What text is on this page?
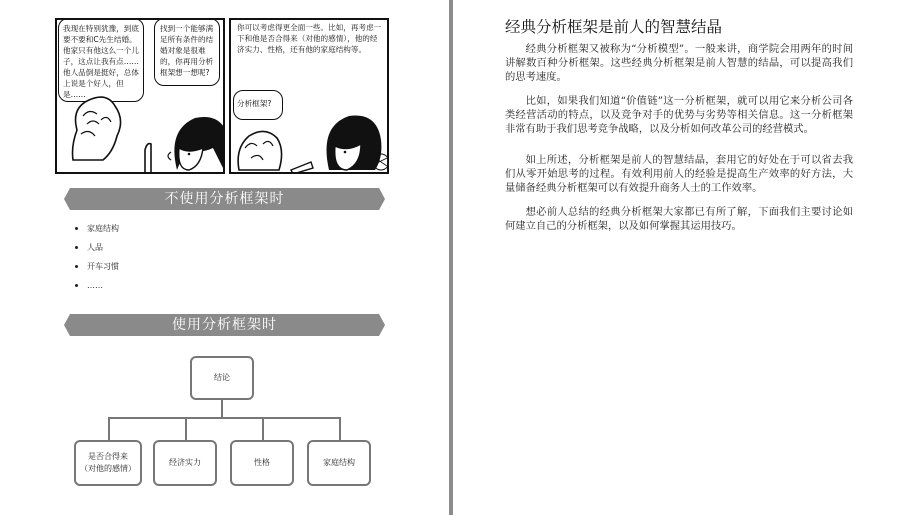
我现在特别犹豫，到底要不要和C先生结婚。他家只有他这么一个儿子，这点让我有点……他人品倒是挺好，总体上说是个好人，但是……
找到一个能够满足所有条件的结婚对象是很难的，你再用分析框架想一想呢?
你可以考虑得更全面一些。比如，再考虑一下和他是否合得来（对他的感情），他的经济实力、性格，还有他的家庭结构等。
分析框架?
不使用分析框架时
家庭结构
人品
开车习惯
……
使用分析框架时
结论
是否合得来
（对他的感情）
经济实力	性格	家庭结构
经典分析框架是前人的智慧结晶

经典分析框架又被称为“分析模型”。一般来讲，商学院会用两年的时间讲解数百种分析框架。这些经典分析框架是前人智慧的结晶，可以提高我们的思考速度。

比如，如果我们知道“价值链”这一分析框架，就可以用它来分析公司各类经营活动的特点，以及竞争对手的优势与劣势等相关信息。这一分析框架非常有助于我们思考竞争战略，以及分析如何改革公司的经营模式。

如上所述，分析框架是前人的智慧结晶，套用它的好处在于可以省去我们从零开始思考的过程。有效利用前人的经验是提高生产效率的好方法，大量储备经典分析框架可以有效提升商务人士的工作效率。

想必前人总结的经典分析框架大家都已有所了解，下面我们主要讨论如何建立自己的分析框架，以及如何掌握其运用技巧。
